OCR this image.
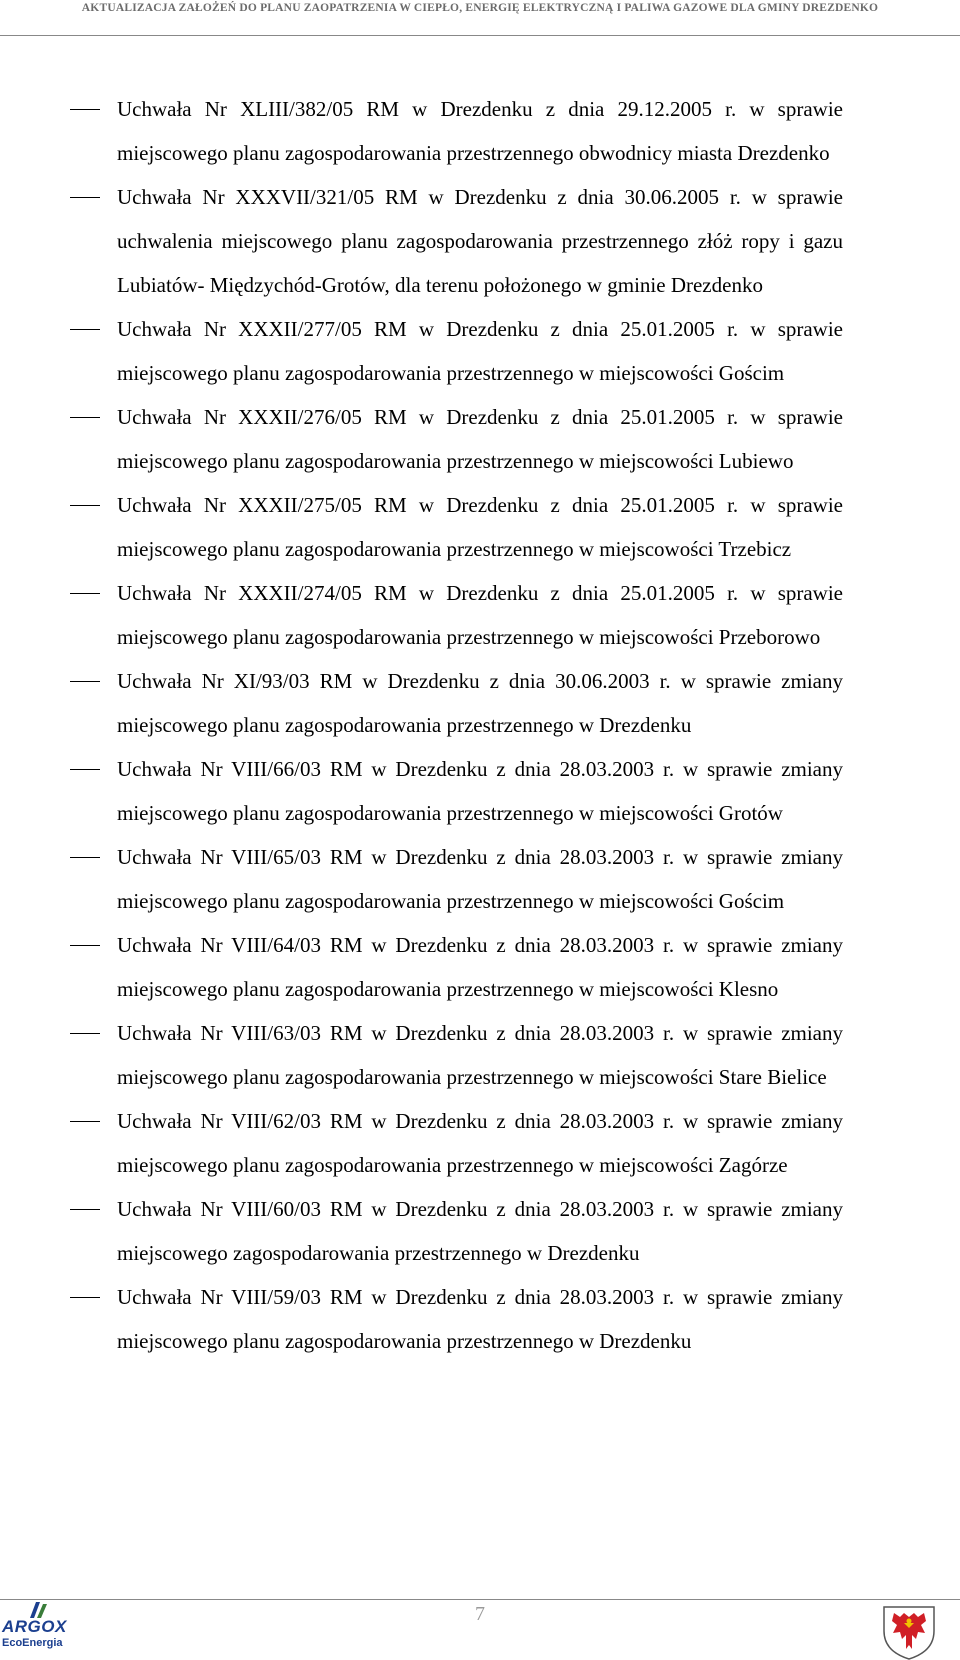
AKTUALIZACJA ZAŁOŻEŃ DO PLANU ZAOPATRZENIA W CIEPŁO, ENERGIĘ ELEKTRYCZNĄ I PALIWA GAZOWE DLA GMINY DREZDENKO
Uchwała Nr XLIII/382/05 RM w Drezdenku z dnia 29.12.2005 r. w sprawie miejscowego planu zagospodarowania przestrzennego obwodnicy miasta Drezdenko
Uchwała Nr XXXVII/321/05 RM w Drezdenku z dnia 30.06.2005 r. w sprawie uchwalenia miejscowego planu zagospodarowania przestrzennego złóż ropy i gazu Lubiatów- Międzychód-Grotów, dla terenu położonego w gminie Drezdenko
Uchwała Nr XXXII/277/05 RM w Drezdenku z dnia 25.01.2005 r. w sprawie miejscowego planu zagospodarowania przestrzennego w miejscowości Gościm
Uchwała Nr XXXII/276/05 RM w Drezdenku z dnia 25.01.2005 r. w sprawie miejscowego planu zagospodarowania przestrzennego w miejscowości Lubiewo
Uchwała Nr XXXII/275/05 RM w Drezdenku z dnia 25.01.2005 r. w sprawie miejscowego planu zagospodarowania przestrzennego w miejscowości Trzebicz
Uchwała Nr XXXII/274/05 RM w Drezdenku z dnia 25.01.2005 r. w sprawie miejscowego planu zagospodarowania przestrzennego w miejscowości Przeborowo
Uchwała Nr XI/93/03 RM w Drezdenku z dnia 30.06.2003 r. w sprawie zmiany miejscowego planu zagospodarowania przestrzennego w Drezdenku
Uchwała Nr VIII/66/03 RM w Drezdenku z dnia 28.03.2003 r. w sprawie zmiany miejscowego planu zagospodarowania przestrzennego w miejscowości Grotów
Uchwała Nr VIII/65/03 RM w Drezdenku z dnia 28.03.2003 r. w sprawie zmiany miejscowego planu zagospodarowania przestrzennego w miejscowości Gościm
Uchwała Nr VIII/64/03 RM w Drezdenku z dnia 28.03.2003 r. w sprawie zmiany miejscowego planu zagospodarowania przestrzennego w miejscowości Klesno
Uchwała Nr VIII/63/03 RM w Drezdenku z dnia 28.03.2003 r. w sprawie zmiany miejscowego planu zagospodarowania przestrzennego w miejscowości Stare Bielice
Uchwała Nr VIII/62/03 RM w Drezdenku z dnia 28.03.2003 r. w sprawie zmiany miejscowego planu zagospodarowania przestrzennego w miejscowości Zagórze
Uchwała Nr VIII/60/03 RM w Drezdenku z dnia 28.03.2003 r. w sprawie zmiany miejscowego zagospodarowania przestrzennego w Drezdenku
Uchwała Nr VIII/59/03 RM w Drezdenku z dnia 28.03.2003 r. w sprawie zmiany miejscowego planu zagospodarowania przestrzennego w Drezdenku
ARGOX
EcoEnergia
7
